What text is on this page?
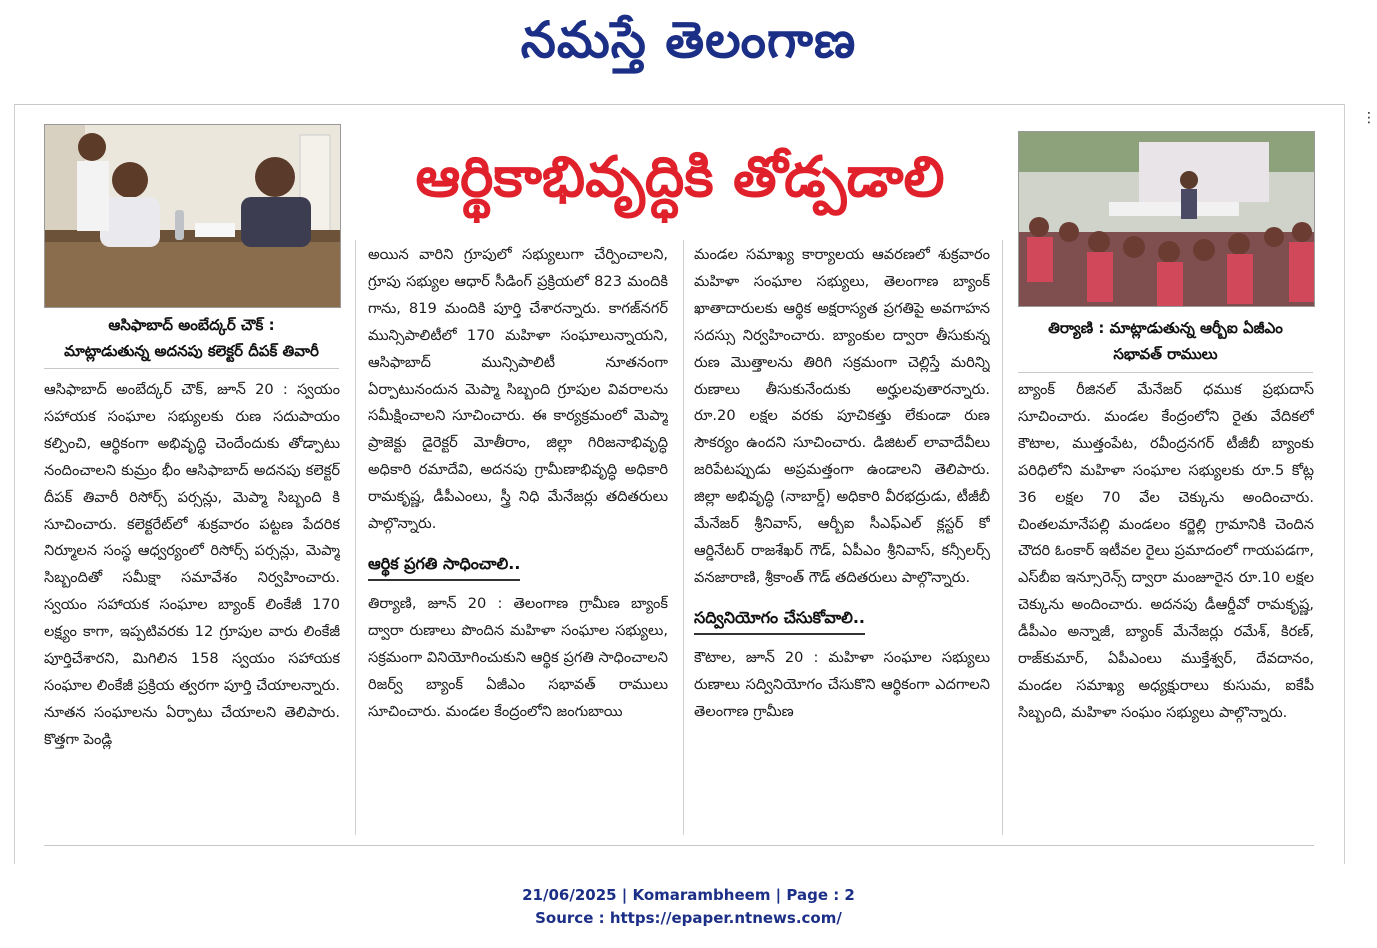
నమస్తే తెలంగాణ
⋮
ఆర్థికాభివృద్ధికి తోడ్పడాలి
ఆసిఫాబాద్ అంబేద్కర్ చౌక్ :
మాట్లాడుతున్న అదనపు కలెక్టర్ దీపక్ తివారీ
తిర్యాణి : మాట్లాడుతున్న ఆర్బీఐ ఏజీఎం
సభావత్ రాములు

ఆసిఫాబాద్ అంబేద్కర్ చౌక్, జూన్ 20 : స్వయం సహాయక సంఘాల సభ్యులకు రుణ సదుపాయం కల్పించి, ఆర్థికంగా అభివృద్ధి చెందేందుకు తోడ్పాటు నందించాలని కుమ్రం భీం ఆసిఫాబాద్ అదనపు కలెక్టర్ దీపక్ తివారీ రిసోర్స్ పర్సన్లు, మెప్మా సిబ్బంది కి సూచించారు. కలెక్టరేట్‌లో శుక్రవారం పట్టణ పేదరిక నిర్మూలన సంస్థ ఆధ్వర్యంలో రిసోర్స్ పర్సన్లు, మెప్మా సిబ్బందితో సమీక్షా సమావేశం నిర్వహించారు. స్వయం సహాయక సంఘాల బ్యాంక్ లింకేజీ 170 లక్ష్యం కాగా, ఇప్పటివరకు 12 గ్రూపుల వారు లింకేజీ పూర్తిచేశారని, మిగిలిన 158 స్వయం సహాయక సంఘాల లింకేజీ ప్రక్రియ త్వరగా పూర్తి చేయాలన్నారు. నూతన సంఘాలను ఏర్పాటు చేయాలని తెలిపారు. కొత్తగా పెండ్లి

అయిన వారిని గ్రూపులో సభ్యులుగా చేర్పించాలని, గ్రూపు సభ్యుల ఆధార్ సీడింగ్ ప్రక్రియలో 823 మందికి గాను, 819 మందికి పూర్తి చేశారన్నారు. కాగజ్‌నగర్ మున్సిపాలిటీలో 170 మహిళా సంఘాలున్నాయని, ఆసిఫాబాద్ మున్సిపాలిటీ నూతనంగా ఏర్పాటునందున మెప్మా సిబ్బంది గ్రూపుల వివరాలను సమీక్షించాలని సూచించారు. ఈ కార్యక్రమంలో మెప్మా ప్రాజెక్టు డైరెక్టర్ మోతీరాం, జిల్లా గిరిజనాభివృద్ధి అధికారి రమాదేవి, అదనపు గ్రామీణాభివృద్ధి అధికారి రామకృష్ణ, డీపీఎంలు, స్త్రీ నిధి మేనేజర్లు తదితరులు పాల్గొన్నారు.

ఆర్థిక ప్రగతి సాధించాలి..

తిర్యాణి, జూన్ 20 : తెలంగాణ గ్రామీణ బ్యాంక్ ద్వారా రుణాలు పొందిన మహిళా సంఘాల సభ్యులు, సక్రమంగా వినియోగించుకుని ఆర్థిక ప్రగతి సాధించాలని రిజర్వ్ బ్యాంక్ ఏజీఎం సభావత్ రాములు సూచించారు. మండల కేంద్రంలోని జంగుబాయి

మండల సమాఖ్య కార్యాలయ ఆవరణలో శుక్రవారం మహిళా సంఘాల సభ్యులు, తెలంగాణ బ్యాంక్ ఖాతాదారులకు ఆర్థిక అక్షరాస్యత ప్రగతిపై అవగాహన సదస్సు నిర్వహించారు. బ్యాంకుల ద్వారా తీసుకున్న రుణ మొత్తాలను తిరిగి సక్రమంగా చెల్లిస్తే మరిన్ని రుణాలు తీసుకునేందుకు అర్హులవుతారన్నారు. రూ.20 లక్షల వరకు పూచికత్తు లేకుండా రుణ సౌకర్యం ఉందని సూచించారు. డిజిటల్ లావాదేవీలు జరిపేటప్పుడు అప్రమత్తంగా ఉండాలని తెలిపారు. జిల్లా అభివృద్ధి (నాబార్డ్) అధికారి వీరభద్రుడు, టీజీబీ మేనేజర్ శ్రీనివాస్, ఆర్బీఐ సీఎఫ్ఎల్ క్లస్టర్ కో ఆర్డినేటర్ రాజశేఖర్ గౌడ్, ఏపీఎం శ్రీనివాస్, కన్సీలర్స్ వనజారాణి, శ్రీకాంత్ గౌడ్ తదితరులు పాల్గొన్నారు.

సద్వినియోగం చేసుకోవాలి..

కౌటాల, జూన్ 20 : మహిళా సంఘాల సభ్యులు రుణాలు సద్వినియోగం చేసుకొని ఆర్థికంగా ఎదగాలని తెలంగాణ గ్రామీణ

బ్యాంక్ రీజినల్ మేనేజర్ ధముక ప్రభుదాస్ సూచించారు. మండల కేంద్రంలోని రైతు వేదికలో కౌటాల, ముత్తంపేట, రవీంద్రనగర్ టీజీబీ బ్యాంకు పరిధిలోని మహిళా సంఘాల సభ్యులకు రూ.5 కోట్ల 36 లక్షల 70 వేల చెక్కును అందించారు. చింతలమానేపల్లి మండలం కర్జెల్లి గ్రామానికి చెందిన చౌదరి ఓంకార్ ఇటీవల రైలు ప్రమాదంలో గాయపడగా, ఎస్‌బీఐ ఇన్సూరెన్స్ ద్వారా మంజూరైన రూ.10 లక్షల చెక్కును అందించారు. అదనపు డీఆర్డీవో రామకృష్ణ, డీపీఎం అన్నాజీ, బ్యాంక్ మేనేజర్లు రమేశ్, కిరణ్, రాజ్‌కుమార్, ఏపీఎంలు ముక్తేశ్వర్, దేవదానం, మండల సమాఖ్య అధ్యక్షురాలు కుసుమ, ఐకేపీ సిబ్బంది, మహిళా సంఘం సభ్యులు పాల్గొన్నారు.

21/06/2025 | Komarambheem | Page : 2
Source : https://epaper.ntnews.com/
